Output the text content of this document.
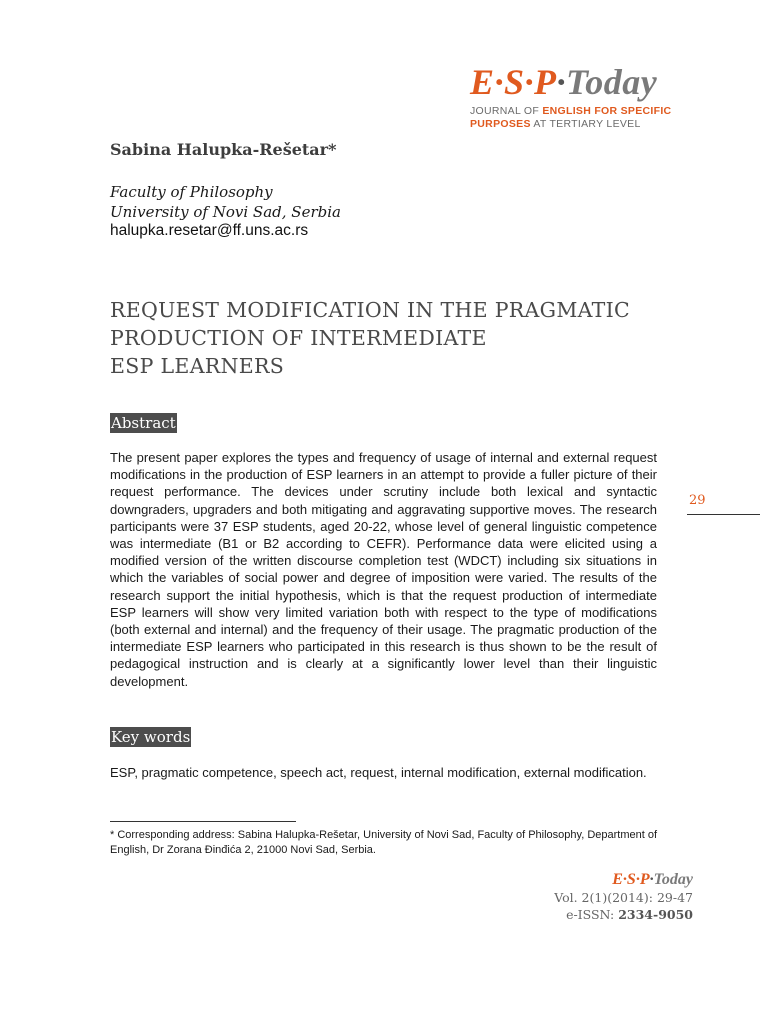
E·S·P·Today
JOURNAL OF ENGLISH FOR SPECIFIC
PURPOSES AT TERTIARY LEVEL
Sabina Halupka-Rešetar*
Faculty of Philosophy
University of Novi Sad, Serbia
halupka.resetar@ff.uns.ac.rs
REQUEST MODIFICATION IN THE PRAGMATIC
PRODUCTION OF INTERMEDIATE
ESP LEARNERS
Abstract
The present paper explores the types and frequency of usage of internal and external request modifications in the production of ESP learners in an attempt to provide a fuller picture of their request performance. The devices under scrutiny include both lexical and syntactic downgraders, upgraders and both mitigating and aggravating supportive moves. The research participants were 37 ESP students, aged 20-22, whose level of general linguistic competence was intermediate (B1 or B2 according to CEFR). Performance data were elicited using a modified version of the written discourse completion test (WDCT) including six situations in which the variables of social power and degree of imposition were varied. The results of the research support the initial hypothesis, which is that the request production of intermediate ESP learners will show very limited variation both with respect to the type of modifications (both external and internal) and the frequency of their usage. The pragmatic production of the intermediate ESP learners who participated in this research is thus shown to be the result of pedagogical instruction and is clearly at a significantly lower level than their linguistic development.
29
Key words
ESP, pragmatic competence, speech act, request, internal modification, external modification.
* Corresponding address: Sabina Halupka-Rešetar, University of Novi Sad, Faculty of Philosophy, Department of English, Dr Zorana Đinđića 2, 21000 Novi Sad, Serbia.
E·S·P·Today
Vol. 2(1)(2014): 29-47
e-ISSN: 2334-9050
